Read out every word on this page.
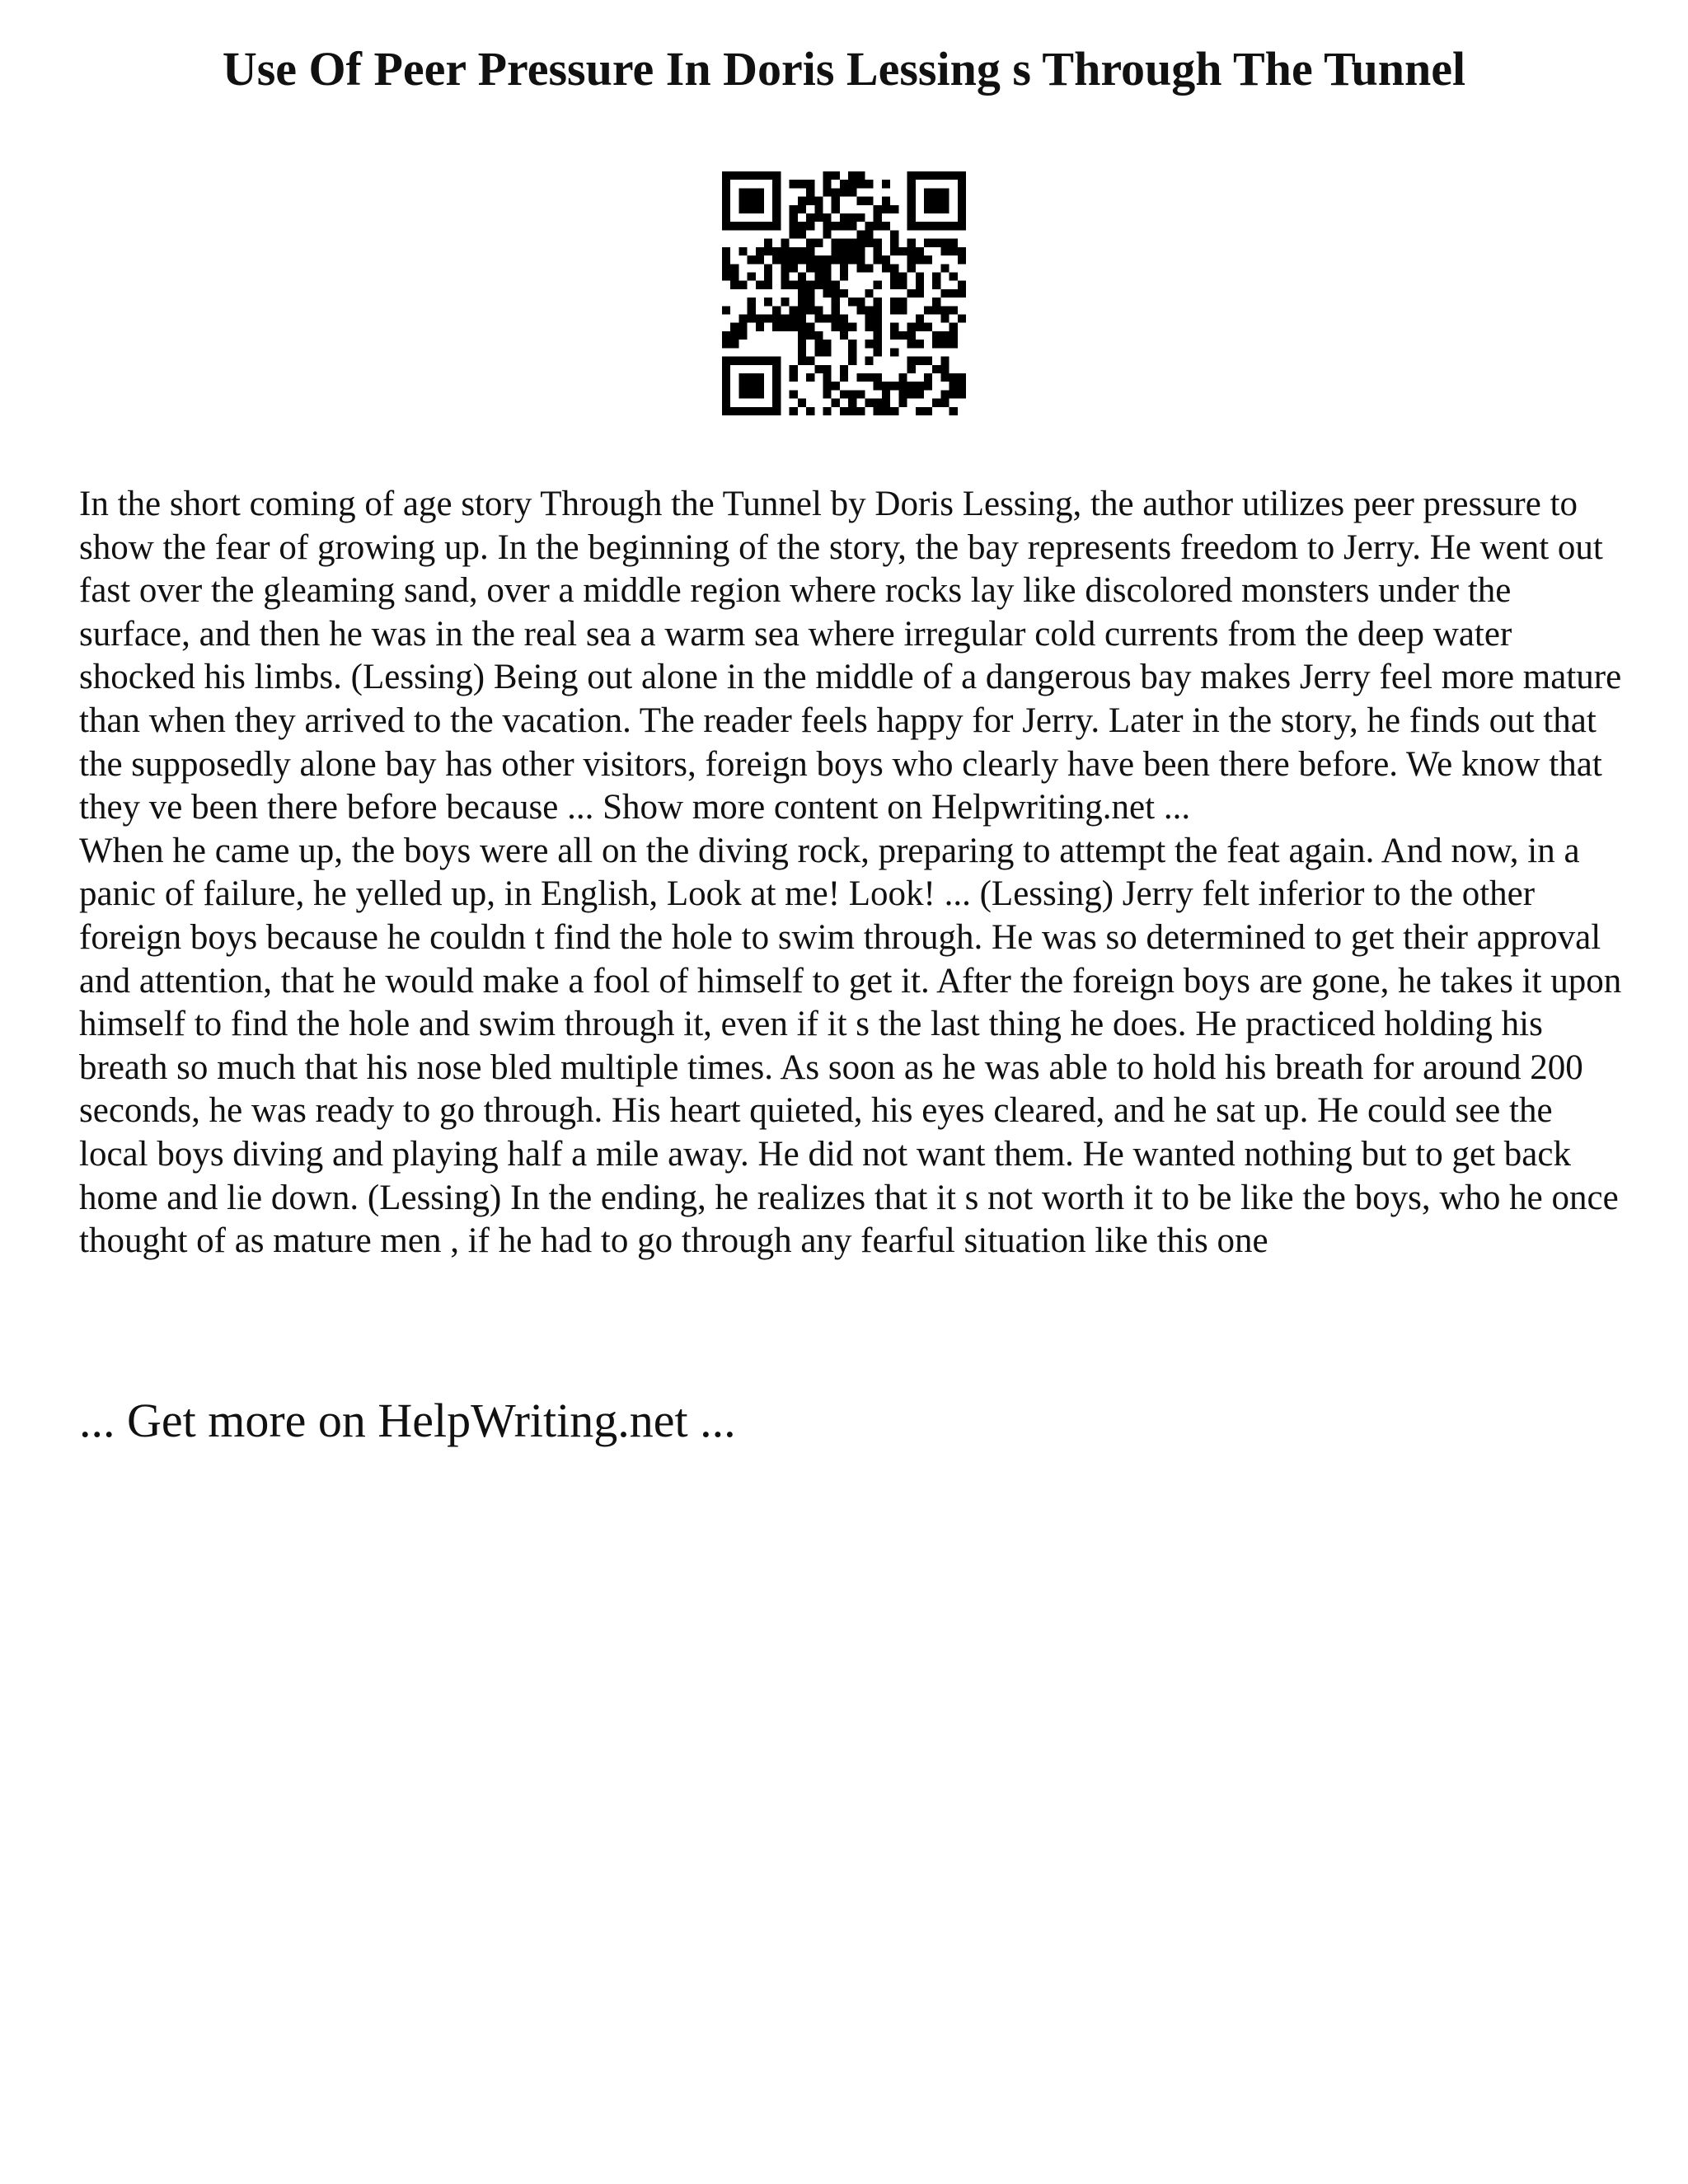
Use Of Peer Pressure In Doris Lessing s Through The Tunnel

In the short coming of age story Through the Tunnel by Doris Lessing, the author utilizes peer pressure to show the fear of growing up. In the beginning of the story, the bay represents freedom to Jerry. He went out fast over the gleaming sand, over a middle region where rocks lay like discolored monsters under the surface, and then he was in the real sea a warm sea where irregular cold currents from the deep water shocked his limbs. (Lessing) Being out alone in the middle of a dangerous bay makes Jerry feel more mature than when they arrived to the vacation. The reader feels happy for Jerry. Later in the story, he finds out that the supposedly alone bay has other visitors, foreign boys who clearly have been there before. We know that they ve been there before because ... Show more content on Helpwriting.net ...

When he came up, the boys were all on the diving rock, preparing to attempt the feat again. And now, in a panic of failure, he yelled up, in English, Look at me! Look! ... (Lessing) Jerry felt inferior to the other foreign boys because he couldn t find the hole to swim through. He was so determined to get their approval and attention, that he would make a fool of himself to get it. After the foreign boys are gone, he takes it upon himself to find the hole and swim through it, even if it s the last thing he does. He practiced holding his breath so much that his nose bled multiple times. As soon as he was able to hold his breath for around 200 seconds, he was ready to go through. His heart quieted, his eyes cleared, and he sat up. He could see the local boys diving and playing half a mile away. He did not want them. He wanted nothing but to get back home and lie down. (Lessing) In the ending, he realizes that it s not worth it to be like the boys, who he once thought of as mature men , if he had to go through any fearful situation like this one

... Get more on HelpWriting.net ...
